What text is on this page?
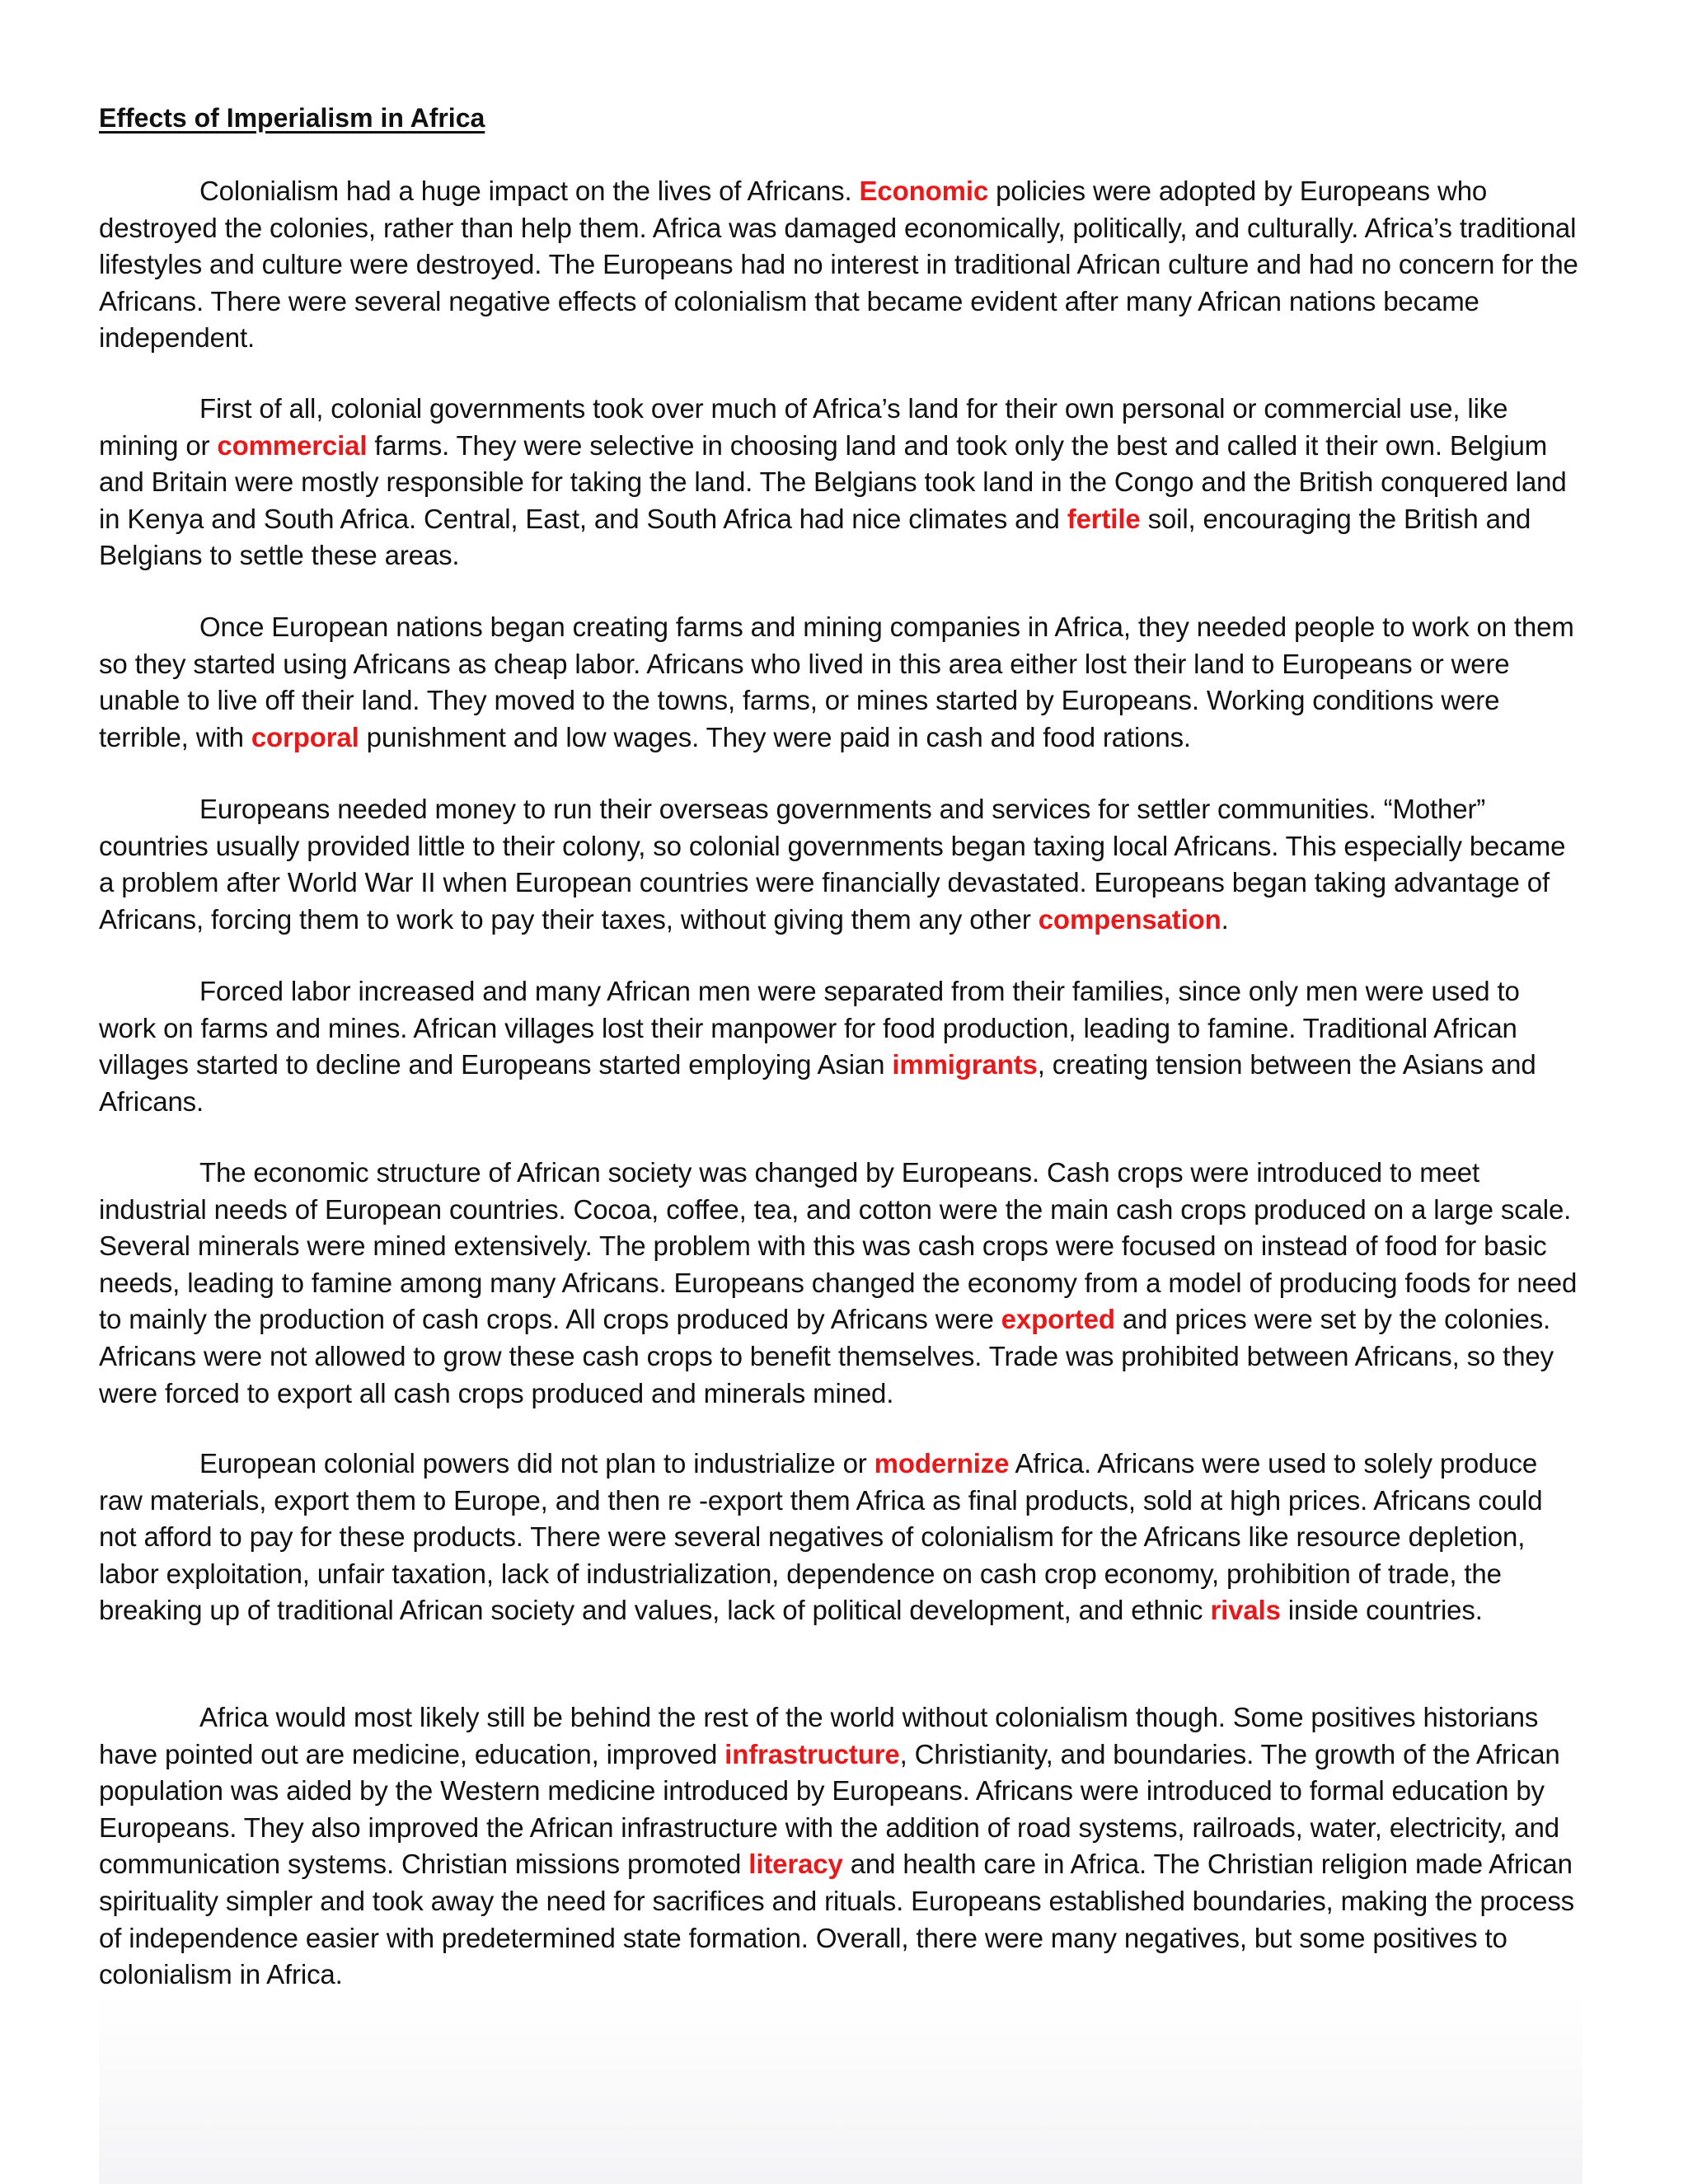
Effects of Imperialism in Africa

Colonialism had a huge impact on the lives of Africans. Economic policies were adopted by Europeans who destroyed the colonies, rather than help them. Africa was damaged economically, politically, and culturally. Africa’s traditional lifestyles and culture were destroyed. The Europeans had no interest in traditional African culture and had no concern for the Africans. There were several negative effects of colonialism that became evident after many African nations became independent.

First of all, colonial governments took over much of Africa’s land for their own personal or commercial use, like mining or commercial farms. They were selective in choosing land and took only the best and called it their own. Belgium and Britain were mostly responsible for taking the land. The Belgians took land in the Congo and the British conquered land in Kenya and South Africa. Central, East, and South Africa had nice climates and fertile soil, encouraging the British and Belgians to settle these areas.

Once European nations began creating farms and mining companies in Africa, they needed people to work on them so they started using Africans as cheap labor. Africans who lived in this area either lost their land to Europeans or were unable to live off their land. They moved to the towns, farms, or mines started by Europeans. Working conditions were terrible, with corporal punishment and low wages. They were paid in cash and food rations.

Europeans needed money to run their overseas governments and services for settler communities. “Mother” countries usually provided little to their colony, so colonial governments began taxing local Africans. This especially became a problem after World War II when European countries were financially devastated. Europeans began taking advantage of Africans, forcing them to work to pay their taxes, without giving them any other compensation.

Forced labor increased and many African men were separated from their families, since only men were used to work on farms and mines. African villages lost their manpower for food production, leading to famine. Traditional African villages started to decline and Europeans started employing Asian immigrants, creating tension between the Asians and Africans.

The economic structure of African society was changed by Europeans. Cash crops were introduced to meet industrial needs of European countries. Cocoa, coffee, tea, and cotton were the main cash crops produced on a large scale. Several minerals were mined extensively. The problem with this was cash crops were focused on instead of food for basic needs, leading to famine among many Africans. Europeans changed the economy from a model of producing foods for need to mainly the production of cash crops. All crops produced by Africans were exported and prices were set by the colonies. Africans were not allowed to grow these cash crops to benefit themselves. Trade was prohibited between Africans, so they were forced to export all cash crops produced and minerals mined.

European colonial powers did not plan to industrialize or modernize Africa. Africans were used to solely produce raw materials, export them to Europe, and then re -export them Africa as final products, sold at high prices. Africans could not afford to pay for these products. There were several negatives of colonialism for the Africans like resource depletion, labor exploitation, unfair taxation, lack of industrialization, dependence on cash crop economy, prohibition of trade, the breaking up of traditional African society and values, lack of political development, and ethnic rivals inside countries.

Africa would most likely still be behind the rest of the world without colonialism though. Some positives historians have pointed out are medicine, education, improved infrastructure, Christianity, and boundaries. The growth of the African population was aided by the Western medicine introduced by Europeans. Africans were introduced to formal education by Europeans. They also improved the African infrastructure with the addition of road systems, railroads, water, electricity, and communication systems. Christian missions promoted literacy and health care in Africa. The Christian religion made African spirituality simpler and took away the need for sacrifices and rituals. Europeans established boundaries, making the process of independence easier with predetermined state formation. Overall, there were many negatives, but some positives to colonialism in Africa.
